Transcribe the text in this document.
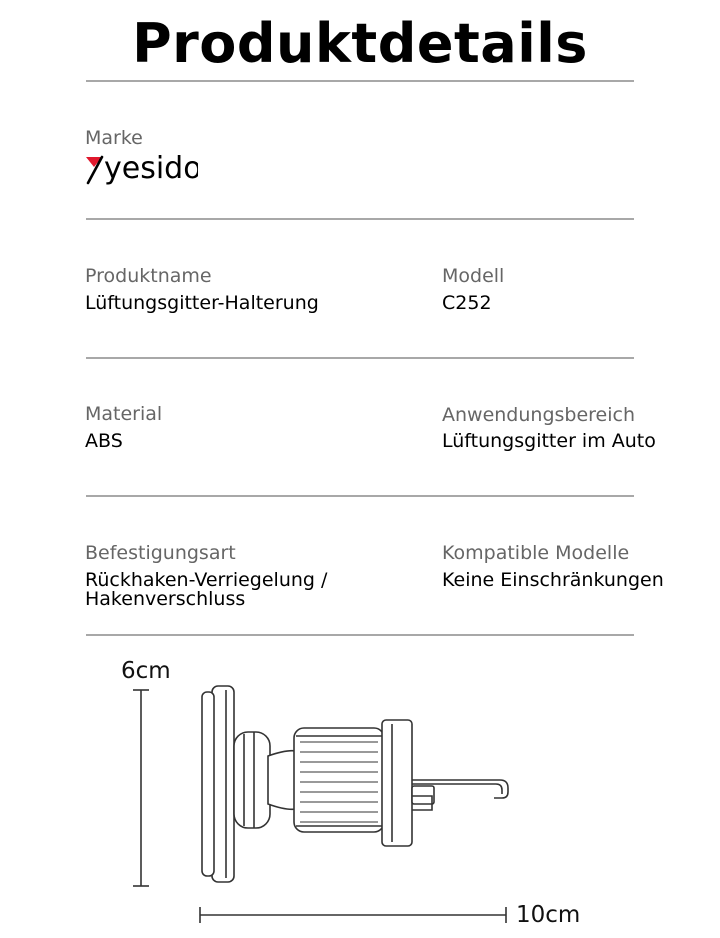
Produktdetails
Marke
yesido
Produktname
Lüftungsgitter-Halterung
Modell
C252
Material
ABS
Anwendungsbereich
Lüftungsgitter im Auto
Befestigungsart
Rückhaken-Verriegelung /
Hakenverschluss
Kompatible Modelle
Keine Einschränkungen
6cm
10cm
